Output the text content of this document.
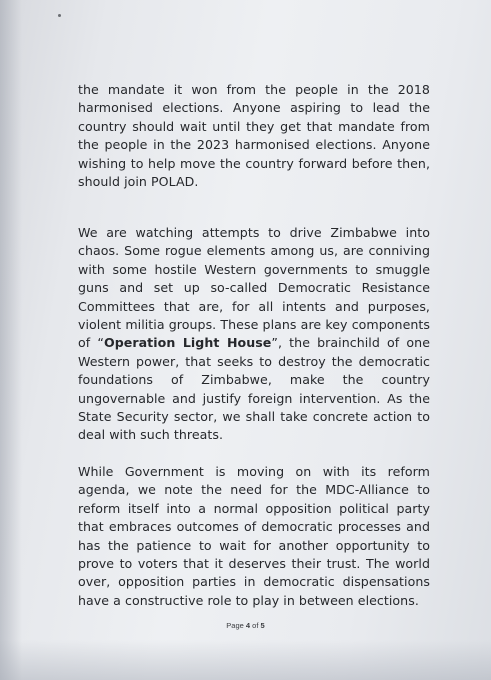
the mandate it won from the people in the 2018 harmonised elections. Anyone aspiring to lead the country should wait until they get that mandate from the people in the 2023 harmonised elections. Anyone wishing to help move the country forward before then, should join POLAD.

We are watching attempts to drive Zimbabwe into chaos. Some rogue elements among us, are conniving with some hostile Western governments to smuggle guns and set up so-called Democratic Resistance Committees that are, for all intents and purposes, violent militia groups. These plans are key components of “Operation Light House”, the brainchild of one Western power, that seeks to destroy the democratic foundations of Zimbabwe, make the country ungovernable and justify foreign intervention. As the State Security sector, we shall take concrete action to deal with such threats.

While Government is moving on with its reform agenda, we note the need for the MDC-Alliance to reform itself into a normal opposition political party that embraces outcomes of democratic processes and has the patience to wait for another opportunity to prove to voters that it deserves their trust. The world over, opposition parties in democratic dispensations have a constructive role to play in between elections.

Page 4 of 5
